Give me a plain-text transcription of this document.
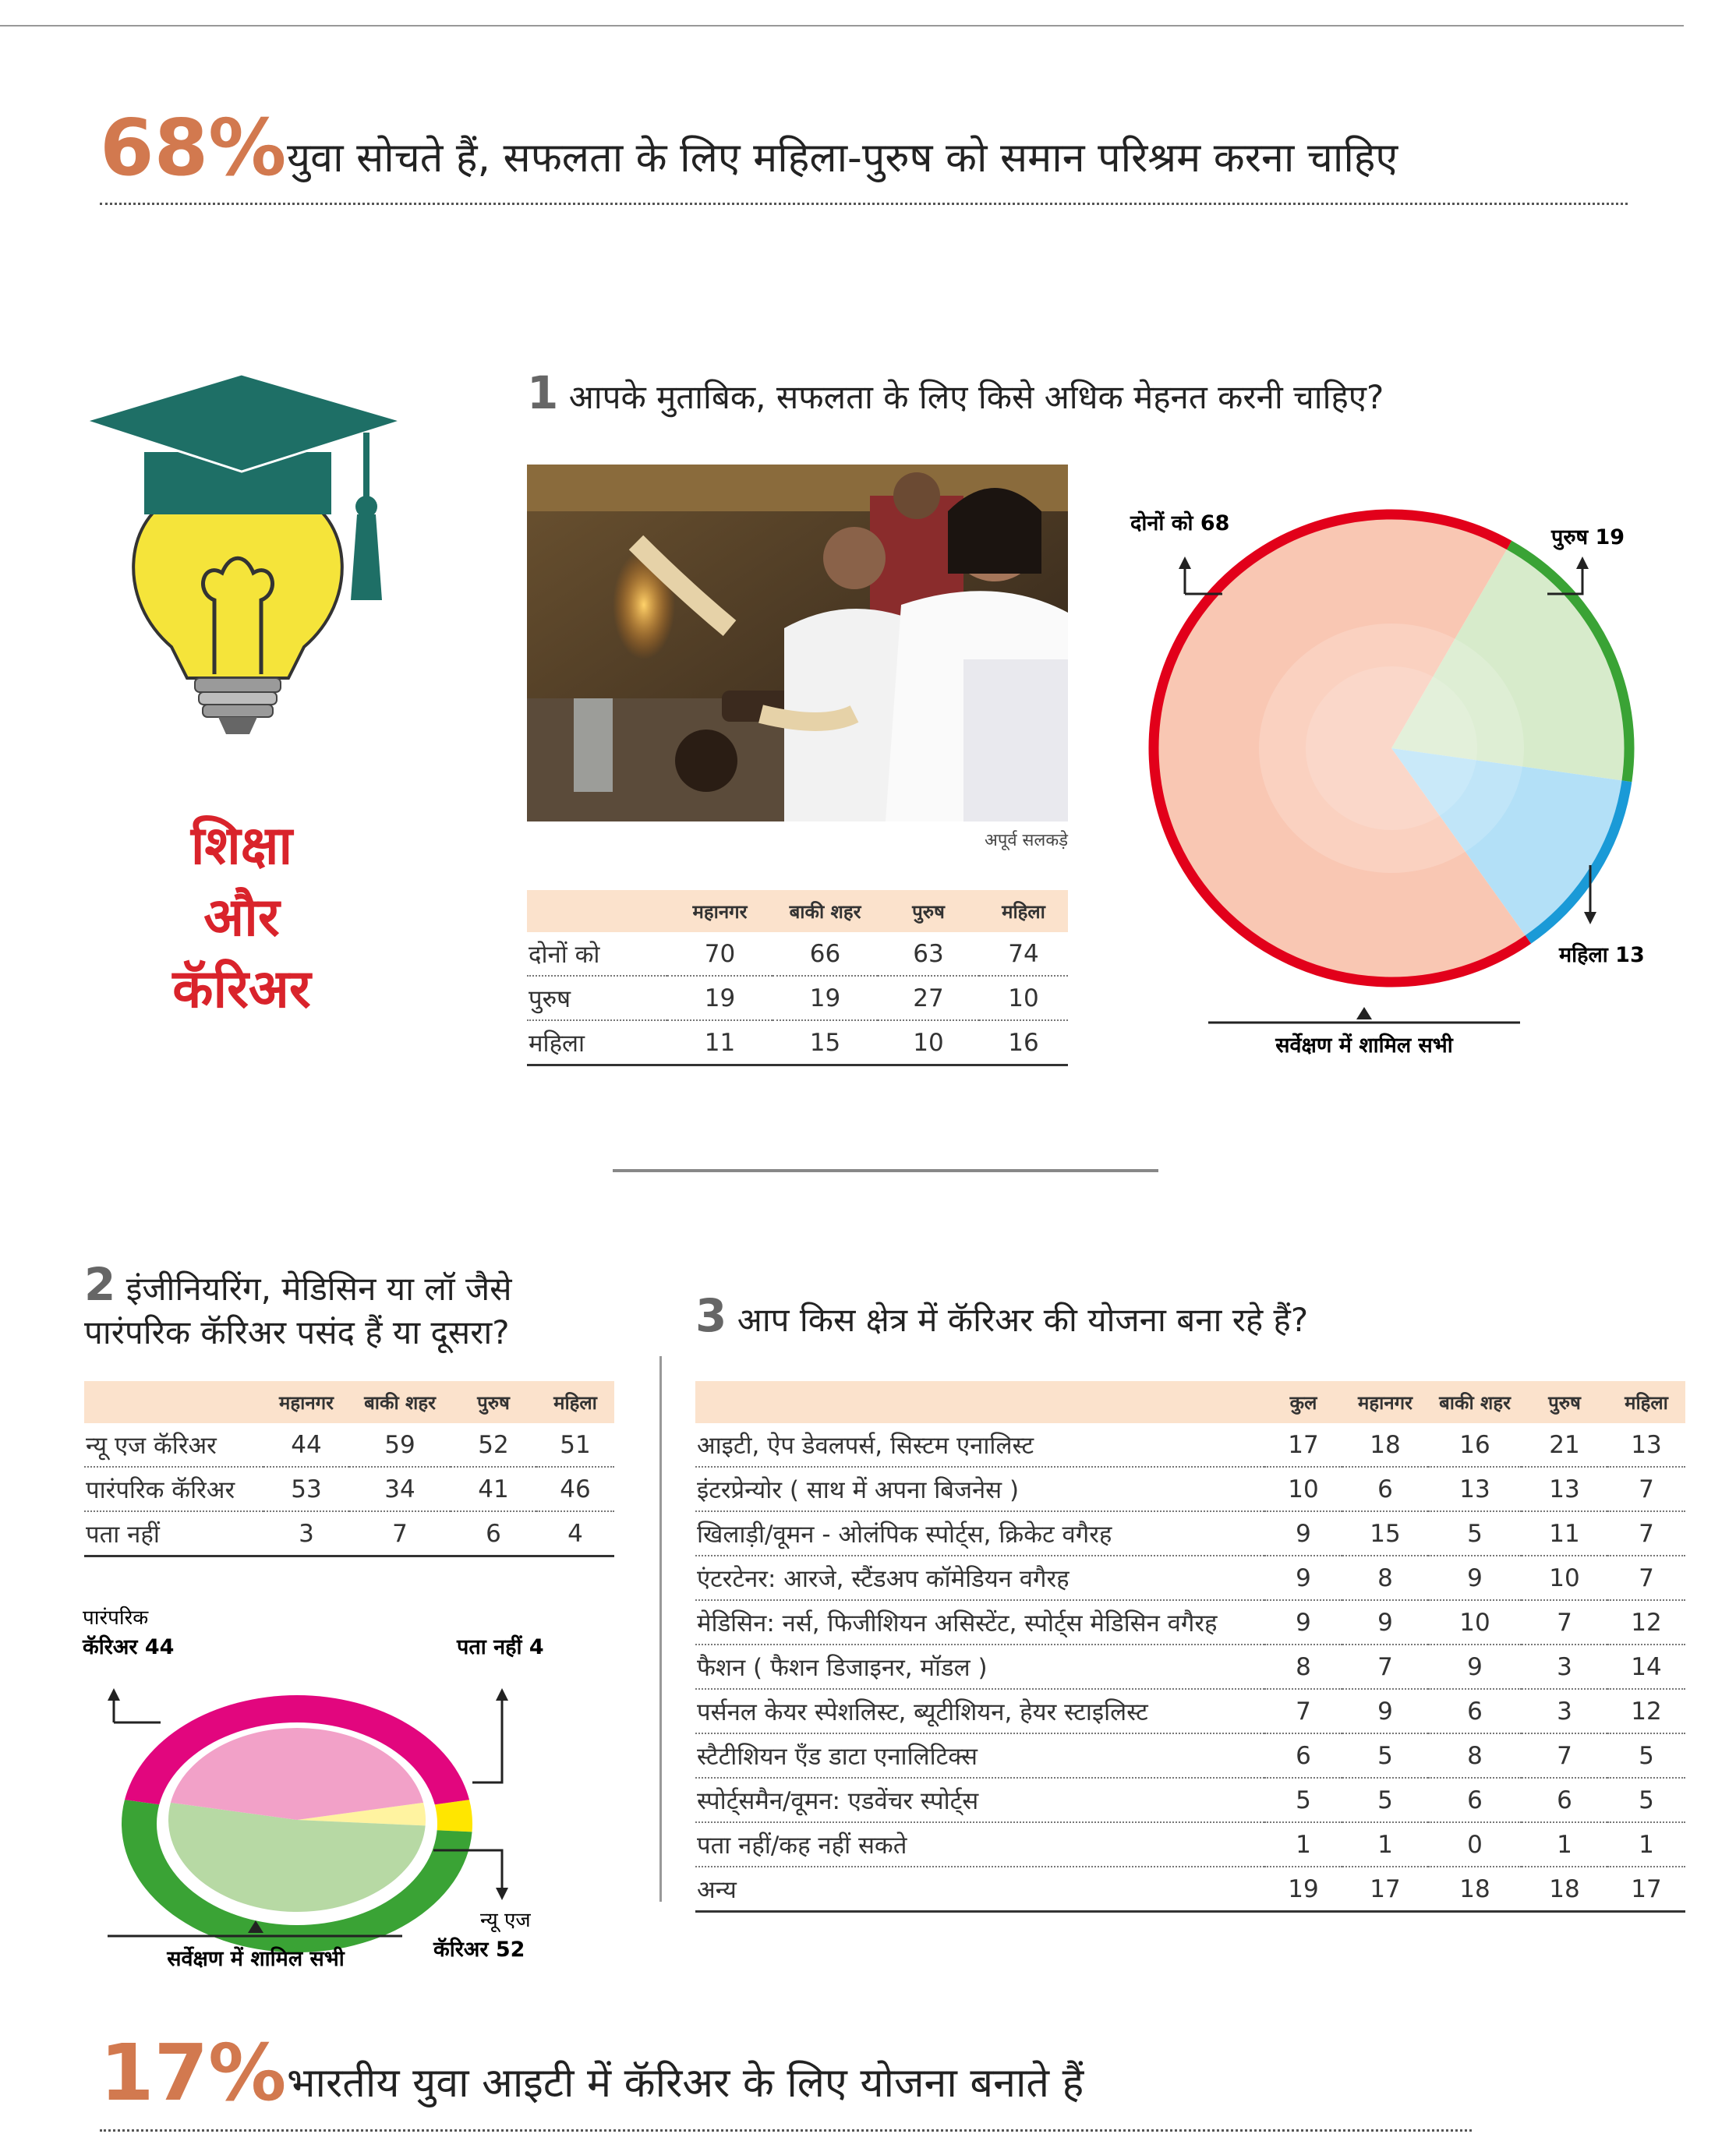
68% युवा सोचते हैं, सफलता के लिए महिला-पुरुष को समान परिश्रम करना चाहिए
शिक्षा
और
कॅरिअर
1 आपके मुताबिक, सफलता के लिए किसे अधिक मेहनत करनी चाहिए?
अपूर्व सलकड़े
	महानगर	बाकी शहर	पुरुष	महिला
दोनों को	70	66	63	74
पुरुष	19	19	27	10
महिला	11	15	10	16
दोनों को 68
पुरुष 19
महिला 13
सर्वेक्षण में शामिल सभी
2 इंजीनियरिंग, मेडिसिन या लॉ जैसे
पारंपरिक कॅरिअर पसंद हैं या दूसरा?
	महानगर	बाकी शहर	पुरुष	महिला
न्यू एज कॅरिअर	44	59	52	51
पारंपरिक कॅरिअर	53	34	41	46
पता नहीं	3	7	6	4
पारंपरिक
कॅरिअर 44	पता नहीं 4
न्यू एज
कॅरिअर 52
सर्वेक्षण में शामिल सभी
3 आप किस क्षेत्र में कॅरिअर की योजना बना रहे हैं?
	कुल	महानगर	बाकी शहर	पुरुष	महिला
आइटी, ऐप डेवलपर्स, सिस्टम एनालिस्ट	17	18	16	21	13
इंटरप्रेन्योर ( साथ में अपना बिजनेस )	10	6	13	13	7
खिलाड़ी/वूमन - ओलंपिक स्पोर्ट्स, क्रिकेट वगैरह	9	15	5	11	7
एंटरटेनर: आरजे, स्टैंडअप कॉमेडियन वगैरह	9	8	9	10	7
मेडिसिन: नर्स, फिजीशियन असिस्टेंट, स्पोर्ट्स मेडिसिन वगैरह	9	9	10	7	12
फैशन ( फैशन डिजाइनर, मॉडल )	8	7	9	3	14
पर्सनल केयर स्पेशलिस्ट, ब्यूटीशियन, हेयर स्टाइलिस्ट	7	9	6	3	12
स्टैटीशियन ऍंड डाटा एनालिटिक्स	6	5	8	7	5
स्पोर्ट्समैन/वूमन: एडवेंचर स्पोर्ट्स	5	5	6	6	5
पता नहीं/कह नहीं सकते	1	1	0	1	1
अन्य	19	17	18	18	17
17% भारतीय युवा आइटी में कॅरिअर के लिए योजना बनाते हैं
